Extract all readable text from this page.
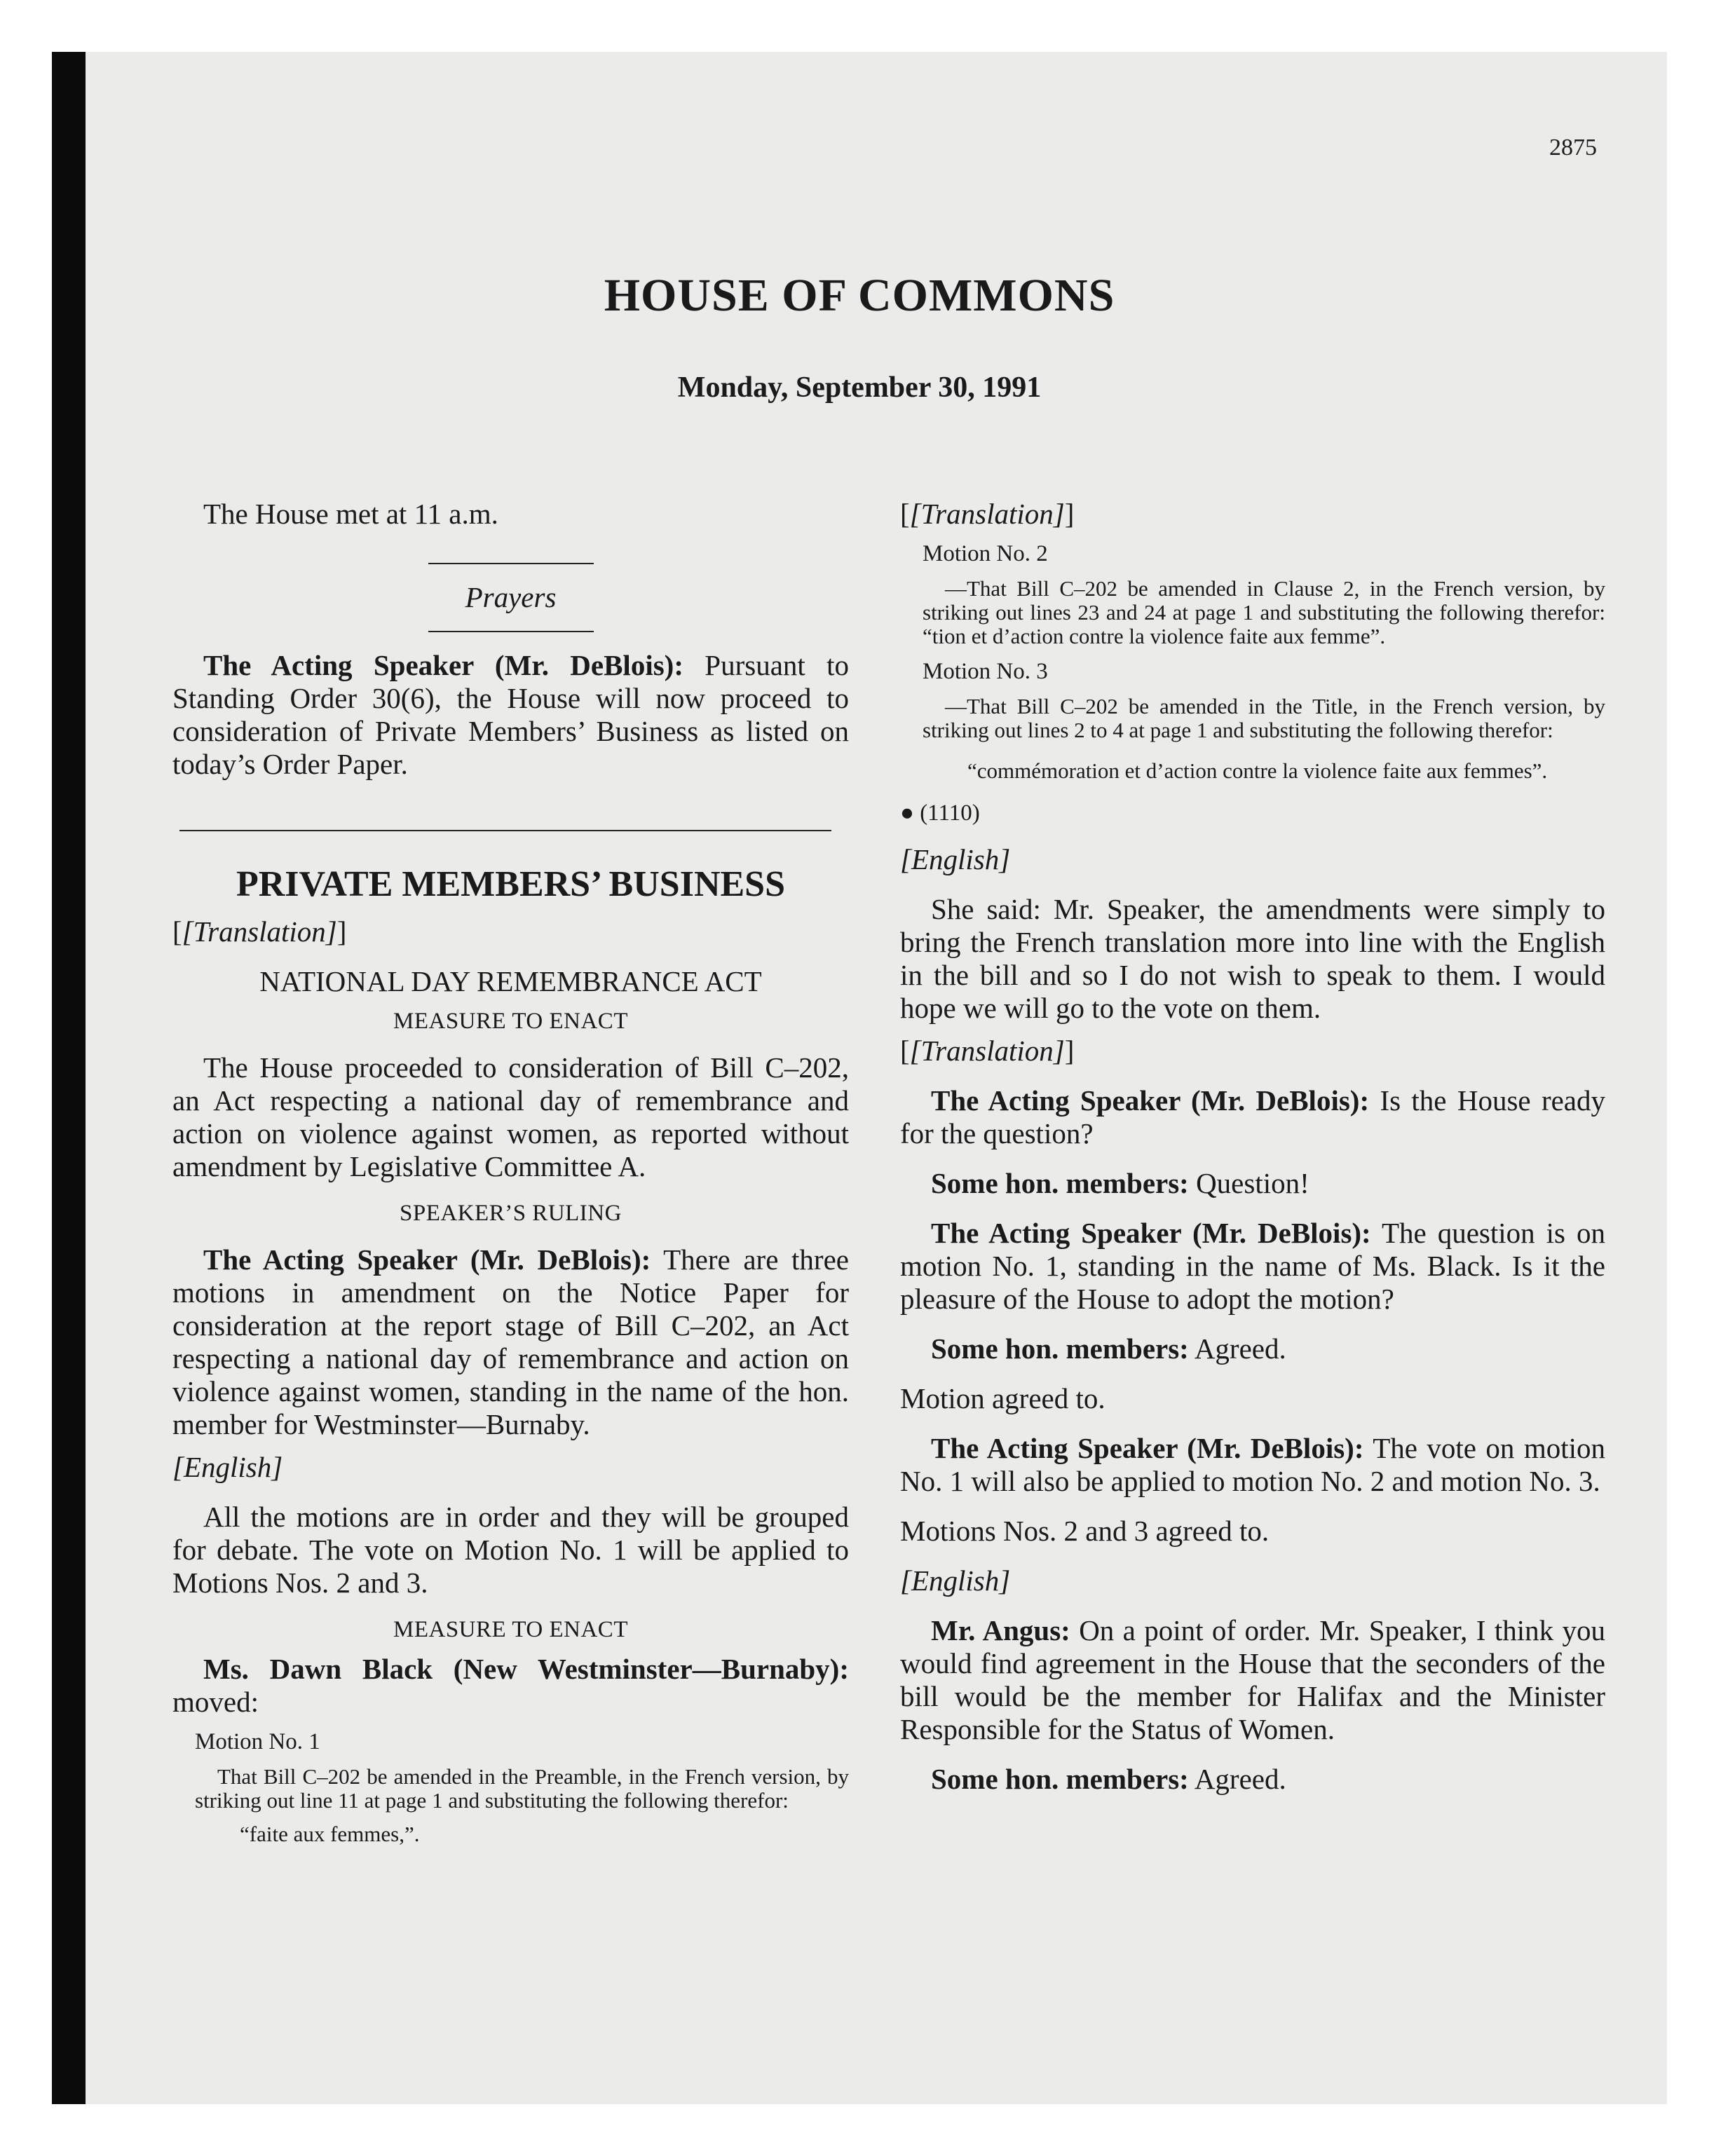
2875
HOUSE OF COMMONS
Monday, September 30, 1991

The House met at 11 a.m.

Prayers

The Acting Speaker (Mr. DeBlois): Pursuant to Standing Order 30(6), the House will now proceed to consideration of Private Members’ Business as listed on today’s Order Paper.

PRIVATE MEMBERS’ BUSINESS

[[Translation]]

NATIONAL DAY REMEMBRANCE ACT

MEASURE TO ENACT

The House proceeded to consideration of Bill C–202, an Act respecting a national day of remembrance and action on violence against women, as reported without amendment by Legislative Committee A.

SPEAKER’S RULING

The Acting Speaker (Mr. DeBlois): There are three motions in amendment on the Notice Paper for consideration at the report stage of Bill C–202, an Act respecting a national day of remembrance and action on violence against women, standing in the name of the hon. member for Westminster—Burnaby.

[English]

All the motions are in order and they will be grouped for debate. The vote on Motion No. 1 will be applied to Motions Nos. 2 and 3.

MEASURE TO ENACT

Ms. Dawn Black (New Westminster—Burnaby): moved:

Motion No. 1

That Bill C–202 be amended in the Preamble, in the French version, by striking out line 11 at page 1 and substituting the following therefor:

“faite aux femmes,”.

[[Translation]]

Motion No. 2

—That Bill C–202 be amended in Clause 2, in the French version, by striking out lines 23 and 24 at page 1 and substituting the following therefor: “tion et d’action contre la violence faite aux femme”.

Motion No. 3

—That Bill C–202 be amended in the Title, in the French version, by striking out lines 2 to 4 at page 1 and substituting the following therefor:

“commémoration et d’action contre la violence faite aux femmes”.

● (1110)

[English]

She said: Mr. Speaker, the amendments were simply to bring the French translation more into line with the English in the bill and so I do not wish to speak to them. I would hope we will go to the vote on them.

[[Translation]]

The Acting Speaker (Mr. DeBlois): Is the House ready for the question?

Some hon. members: Question!

The Acting Speaker (Mr. DeBlois): The question is on motion No. 1, standing in the name of Ms. Black. Is it the pleasure of the House to adopt the motion?

Some hon. members: Agreed.

Motion agreed to.

The Acting Speaker (Mr. DeBlois): The vote on motion No. 1 will also be applied to motion No. 2 and motion No. 3.

Motions Nos. 2 and 3 agreed to.

[English]

Mr. Angus: On a point of order. Mr. Speaker, I think you would find agreement in the House that the seconders of the bill would be the member for Halifax and the Minister Responsible for the Status of Women.

Some hon. members: Agreed.
